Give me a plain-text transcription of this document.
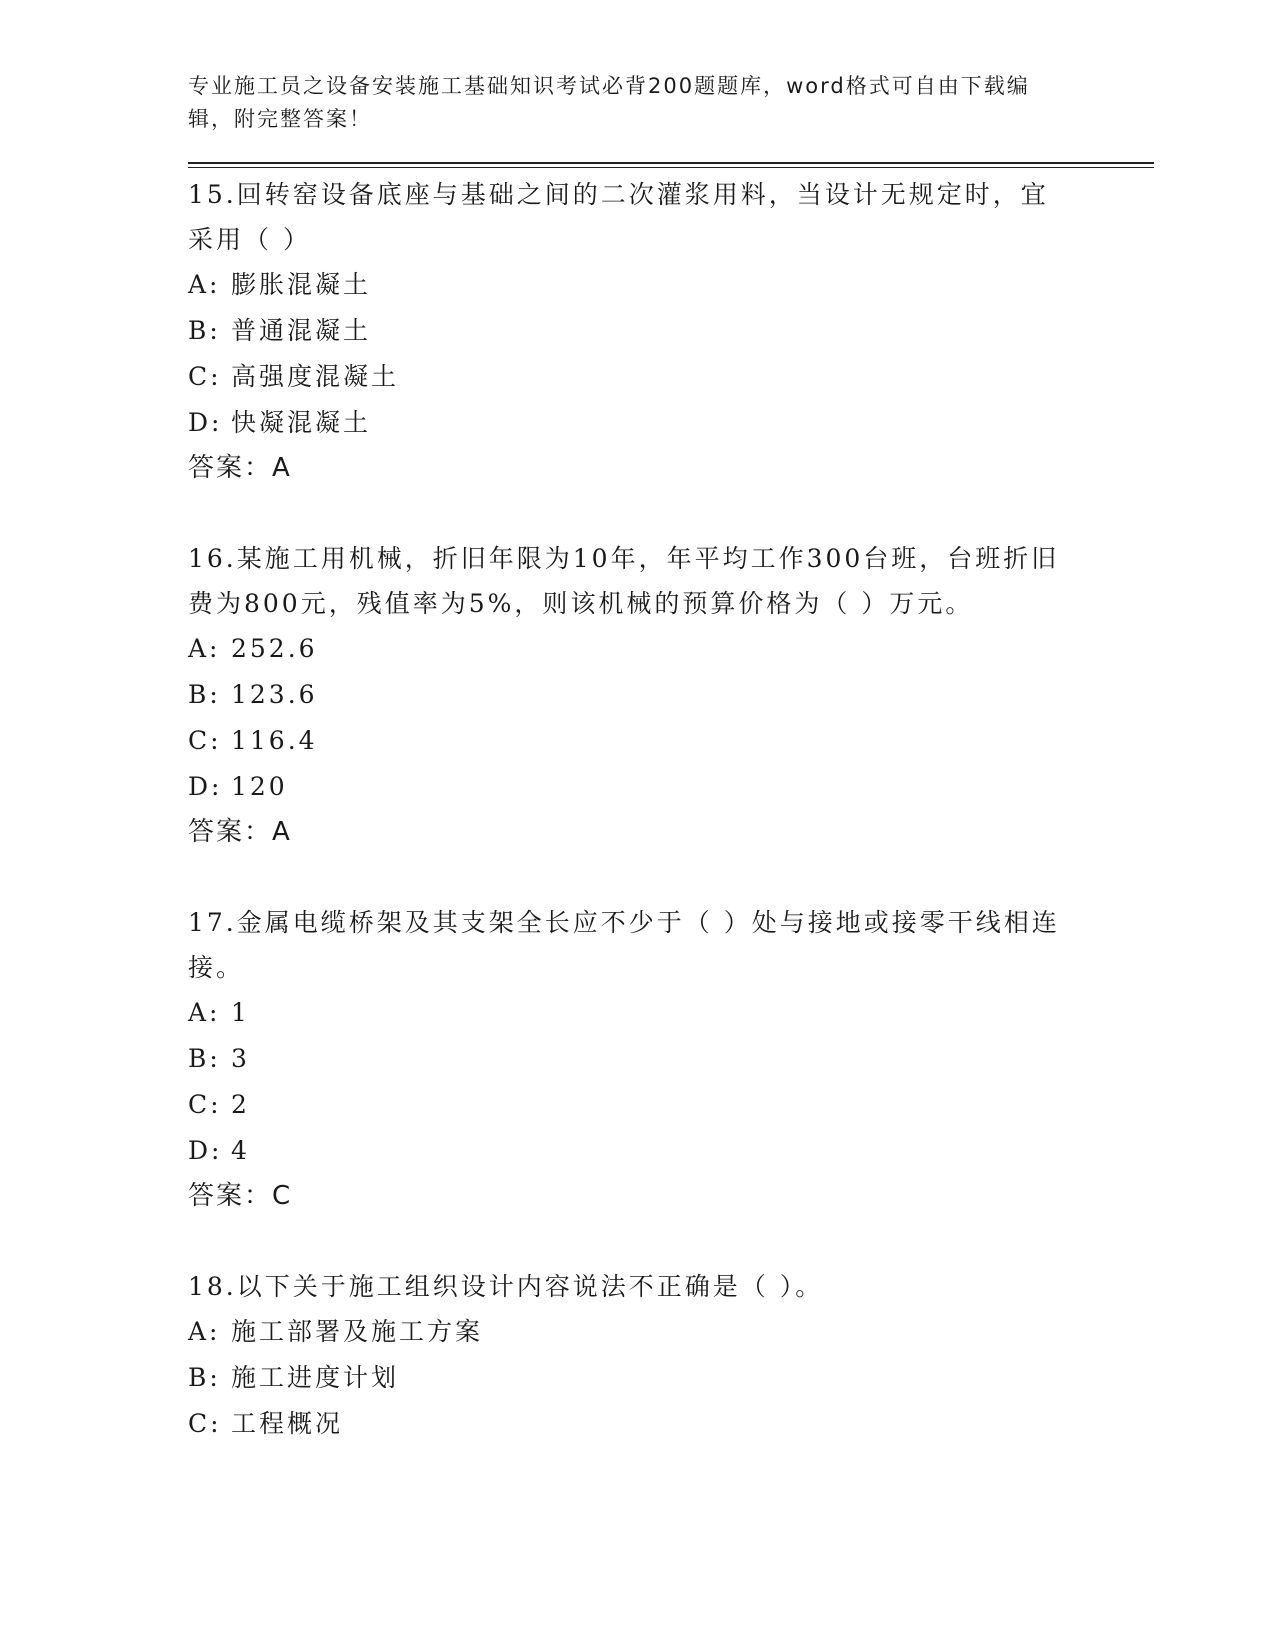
专业施工员之设备安装施工基础知识考试必背200题题库，word格式可自由下载编辑，附完整答案！
15.回转窑设备底座与基础之间的二次灌浆用料，当设计无规定时，宜采用（ ）
A: 膨胀混凝土
B: 普通混凝土
C: 高强度混凝土
D: 快凝混凝土
答案：A
16.某施工用机械，折旧年限为10年，年平均工作300台班，台班折旧费为800元，残值率为5%，则该机械的预算价格为（ ）万元。
A: 252.6
B: 123.6
C: 116.4
D: 120
答案：A
17.金属电缆桥架及其支架全长应不少于（ ）处与接地或接零干线相连接。
A: 1
B: 3
C: 2
D: 4
答案：C
18.以下关于施工组织设计内容说法不正确是（ ）。
A: 施工部署及施工方案
B: 施工进度计划
C: 工程概况
